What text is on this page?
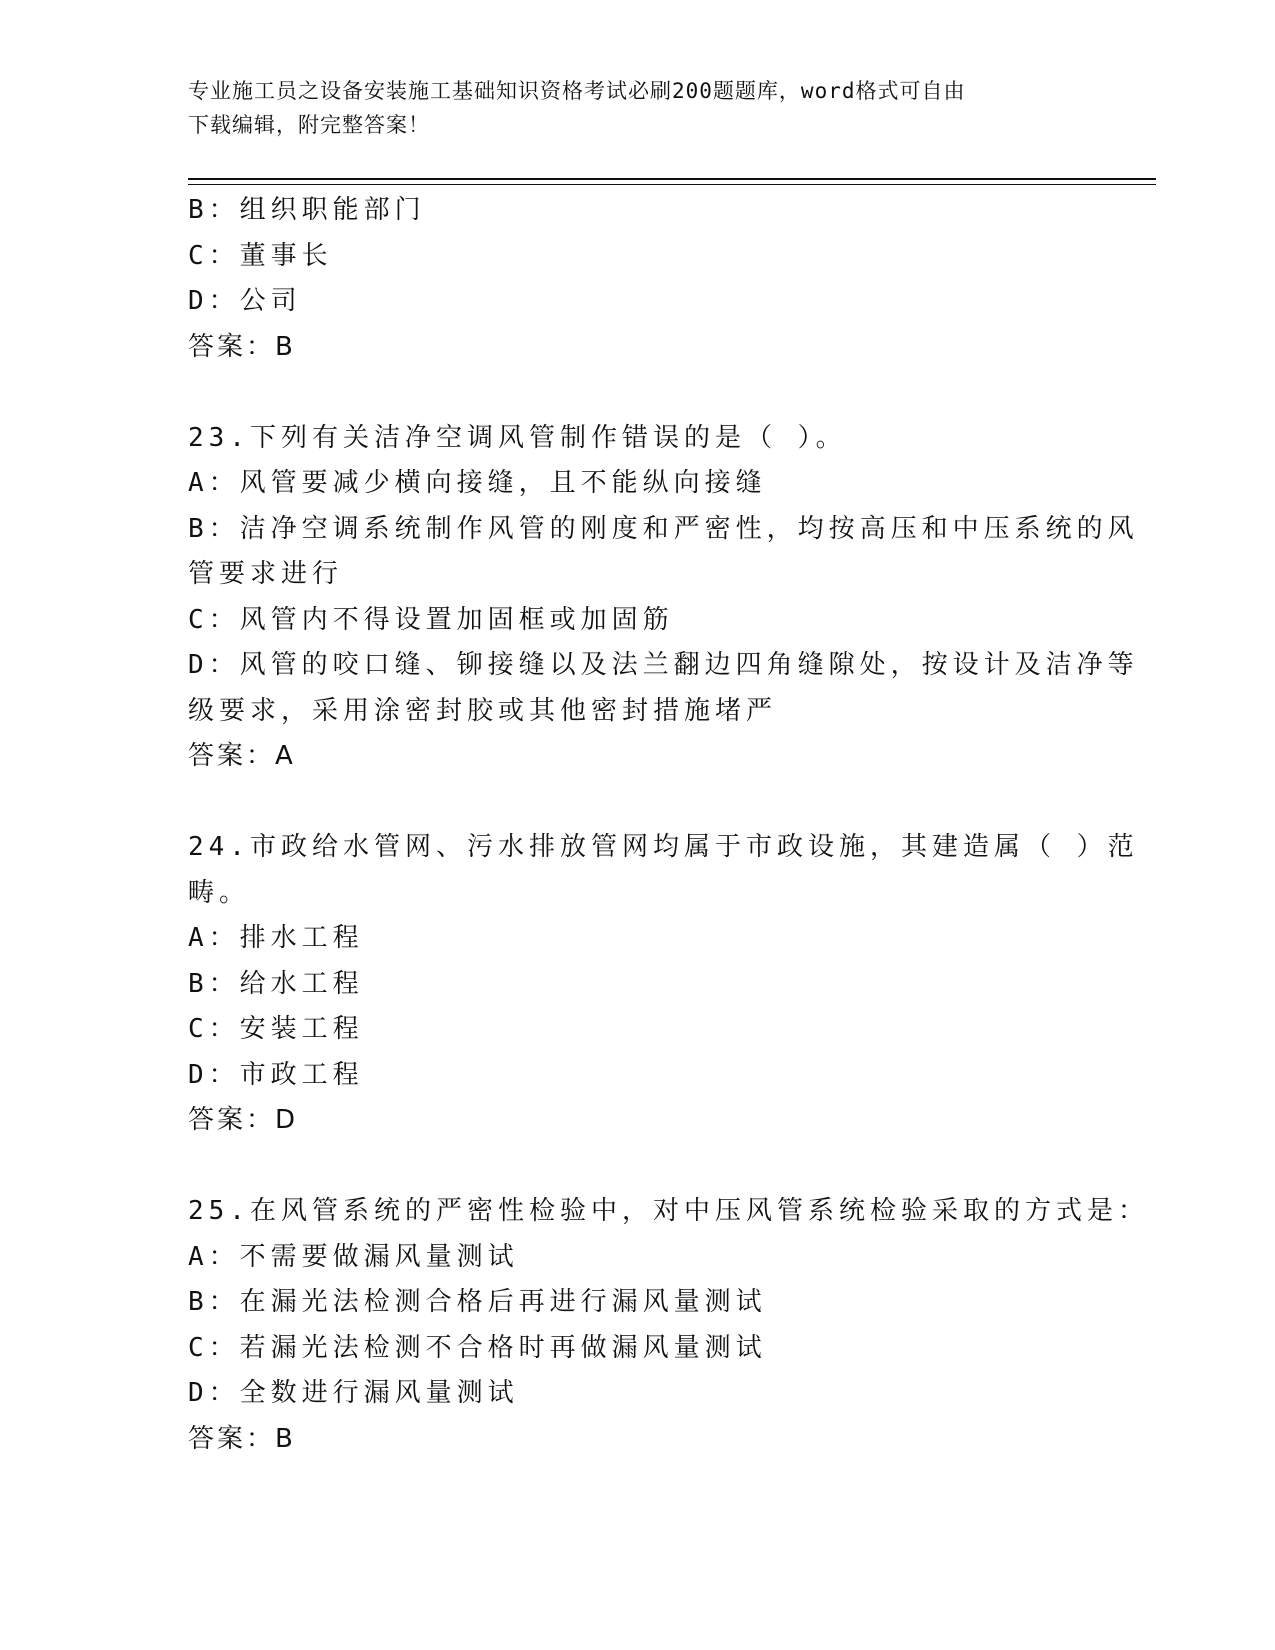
专业施工员之设备安装施工基础知识资格考试必刷200题题库，word格式可自由
下载编辑，附完整答案！
B：组织职能部门
C：董事长
D：公司
答案：B
23.下列有关洁净空调风管制作错误的是（ ）。
A：风管要减少横向接缝，且不能纵向接缝
B：洁净空调系统制作风管的刚度和严密性，均按高压和中压系统的风
管要求进行
C：风管内不得设置加固框或加固筋
D：风管的咬口缝、铆接缝以及法兰翻边四角缝隙处，按设计及洁净等
级要求，采用涂密封胶或其他密封措施堵严
答案：A
24.市政给水管网、污水排放管网均属于市政设施，其建造属（ ）范
畴。
A：排水工程
B：给水工程
C：安装工程
D：市政工程
答案：D
25.在风管系统的严密性检验中，对中压风管系统检验采取的方式是：
A：不需要做漏风量测试
B：在漏光法检测合格后再进行漏风量测试
C：若漏光法检测不合格时再做漏风量测试
D：全数进行漏风量测试
答案：B
